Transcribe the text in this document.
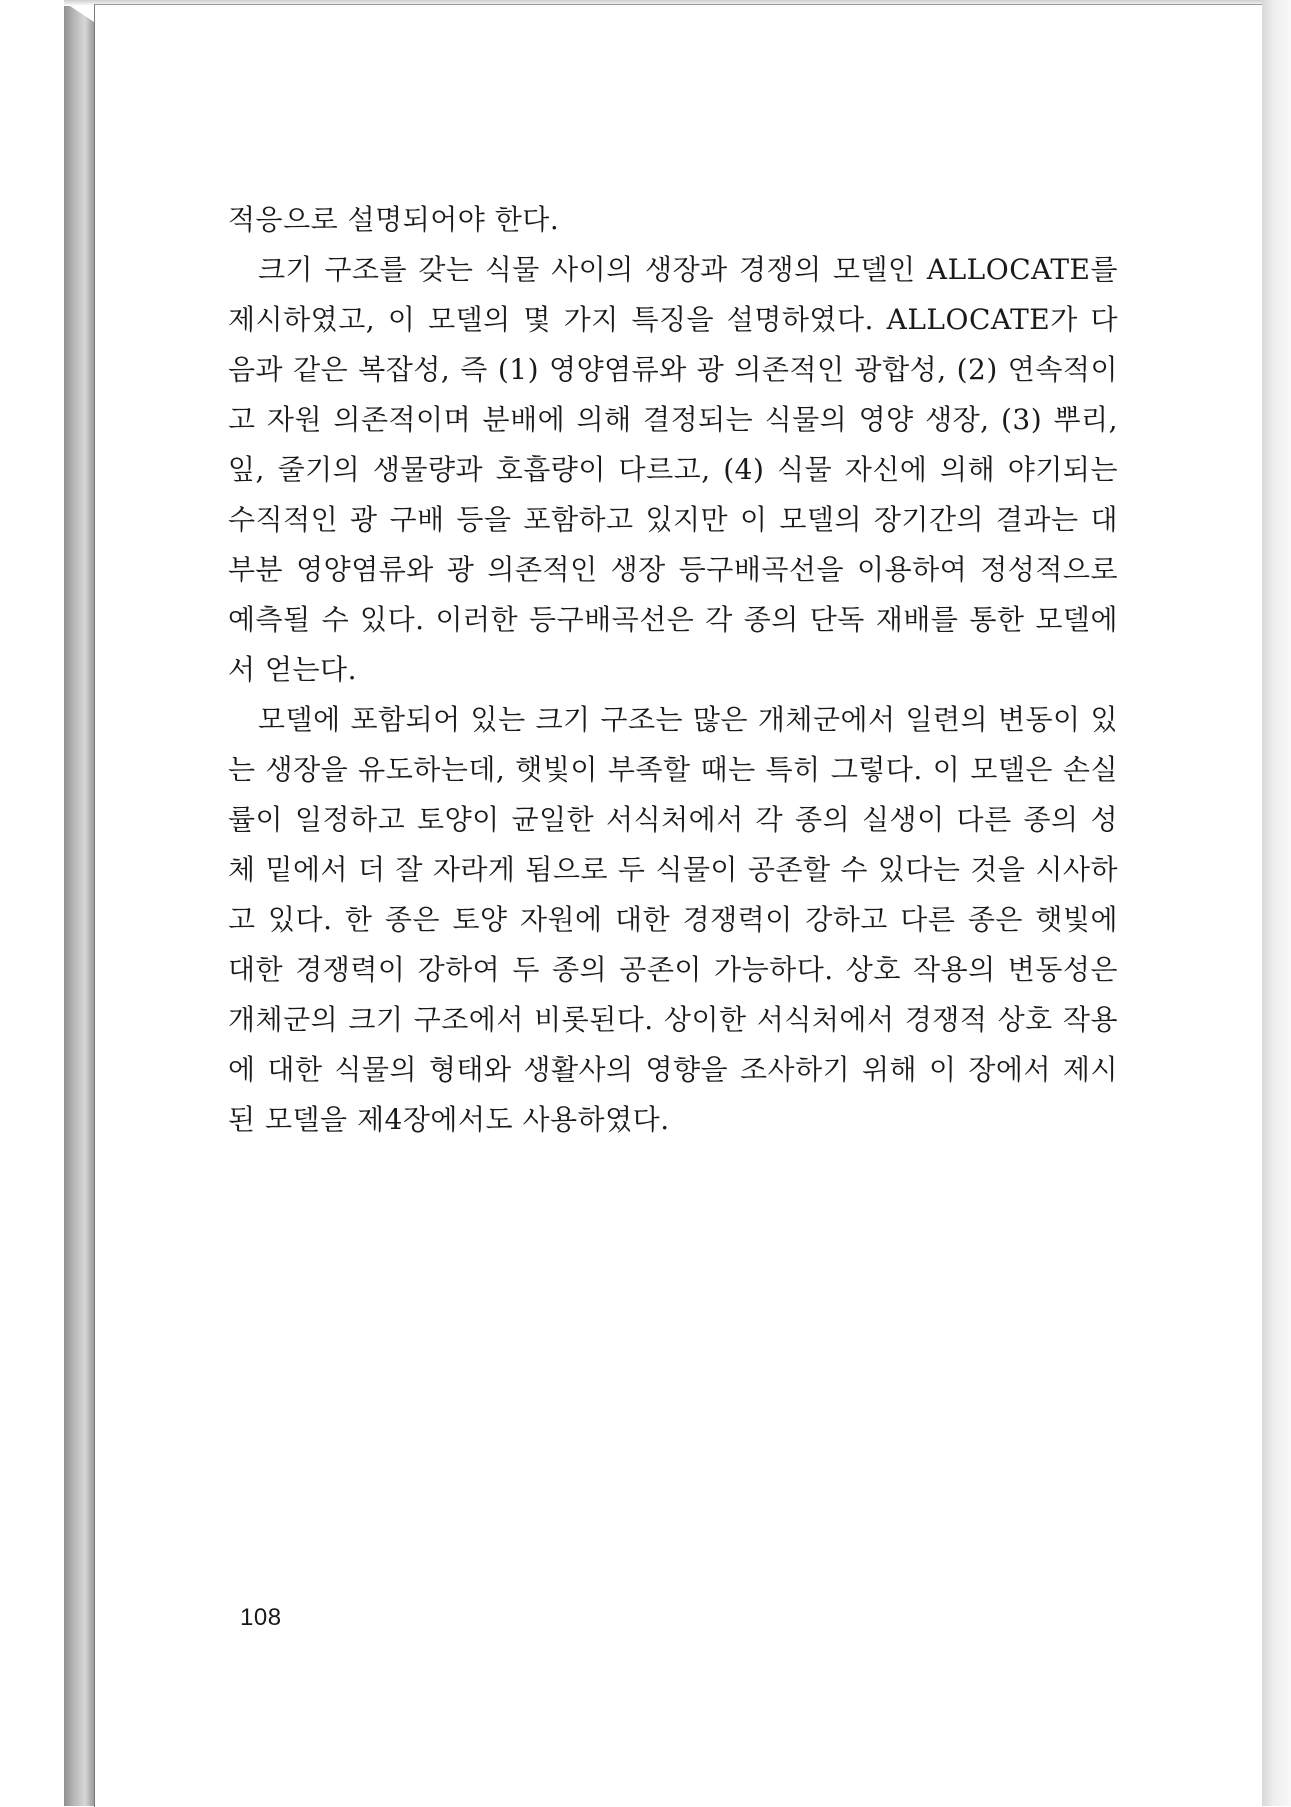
적응으로 설명되어야 한다.

크기 구조를 갖는 식물 사이의 생장과 경쟁의 모델인 ALLOCATE를 제시하였고, 이 모델의 몇 가지 특징을 설명하였다. ALLOCATE가 다음과 같은 복잡성, 즉 (1) 영양염류와 광 의존적인 광합성, (2) 연속적이고 자원 의존적이며 분배에 의해 결정되는 식물의 영양 생장, (3) 뿌리, 잎, 줄기의 생물량과 호흡량이 다르고, (4) 식물 자신에 의해 야기되는 수직적인 광 구배 등을 포함하고 있지만 이 모델의 장기간의 결과는 대부분 영양염류와 광 의존적인 생장 등구배곡선을 이용하여 정성적으로 예측될 수 있다. 이러한 등구배곡선은 각 종의 단독 재배를 통한 모델에서 얻는다.

모델에 포함되어 있는 크기 구조는 많은 개체군에서 일련의 변동이 있는 생장을 유도하는데, 햇빛이 부족할 때는 특히 그렇다. 이 모델은 손실률이 일정하고 토양이 균일한 서식처에서 각 종의 실생이 다른 종의 성체 밑에서 더 잘 자라게 됨으로 두 식물이 공존할 수 있다는 것을 시사하고 있다. 한 종은 토양 자원에 대한 경쟁력이 강하고 다른 종은 햇빛에 대한 경쟁력이 강하여 두 종의 공존이 가능하다. 상호 작용의 변동성은 개체군의 크기 구조에서 비롯된다. 상이한 서식처에서 경쟁적 상호 작용에 대한 식물의 형태와 생활사의 영향을 조사하기 위해 이 장에서 제시된 모델을 제4장에서도 사용하였다.

108
